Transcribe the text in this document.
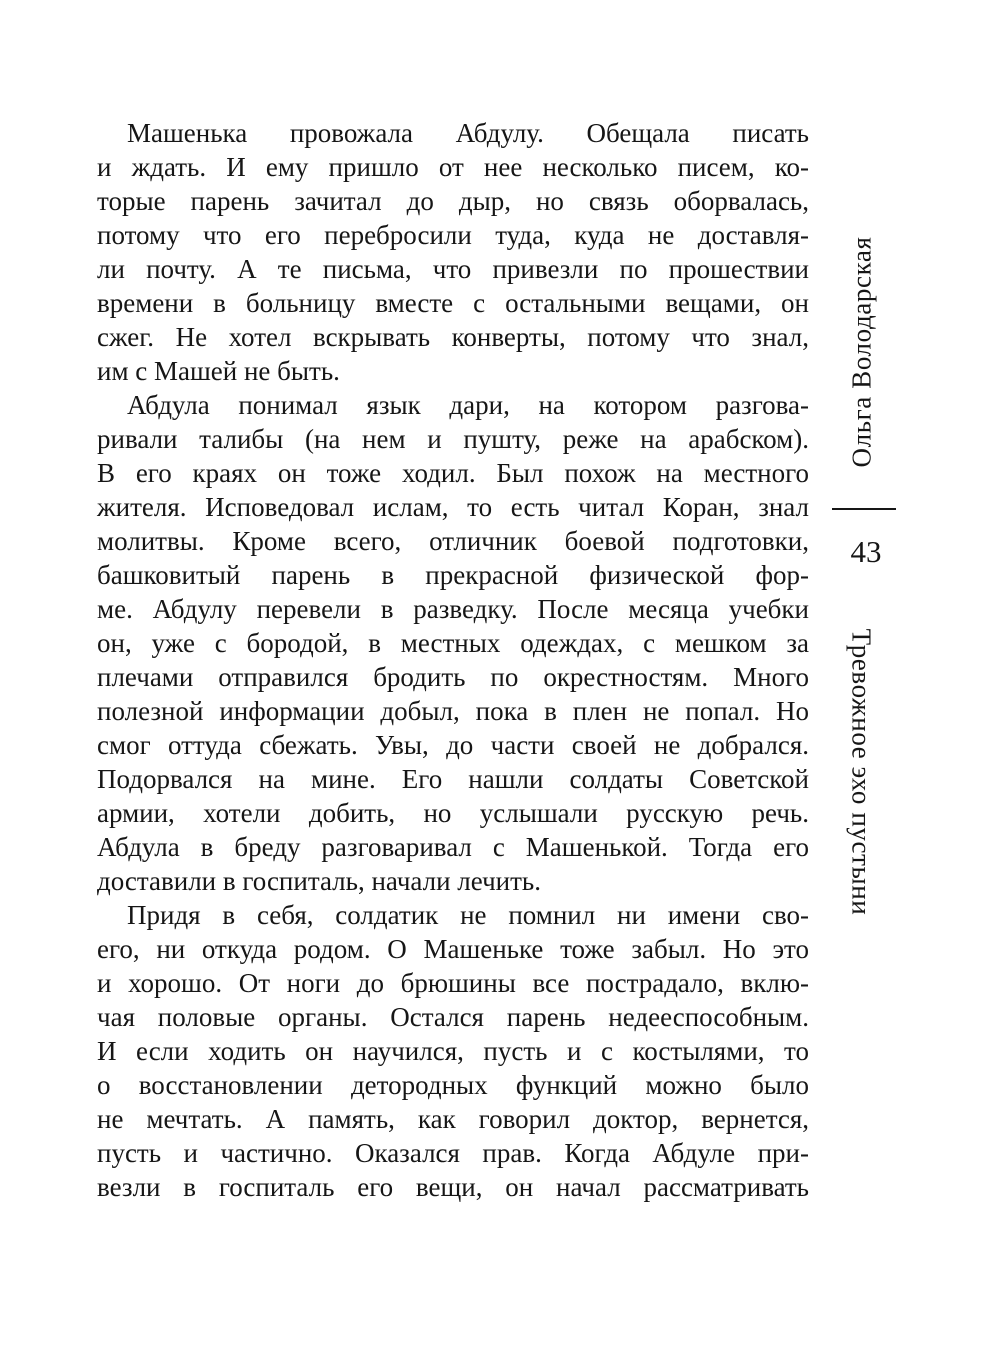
Машенька провожала Абдулу. Обещала писать
и ждать. И ему пришло от нее несколько писем, ко-
торые парень зачитал до дыр, но связь оборвалась,
потому что его перебросили туда, куда не доставля-
ли почту. А те письма, что привезли по прошествии
времени в больницу вместе с остальными вещами, он
сжег. Не хотел вскрывать конверты, потому что знал,
им с Машей не быть.
Абдула понимал язык дари, на котором разгова-
ривали талибы (на нем и пушту, реже на арабском).
В его краях он тоже ходил. Был похож на местного
жителя. Исповедовал ислам, то есть читал Коран, знал
молитвы. Кроме всего, отличник боевой подготовки,
башковитый парень в прекрасной физической фор-
ме. Абдулу перевели в разведку. После месяца учебки
он, уже с бородой, в местных одеждах, с мешком за
плечами отправился бродить по окрестностям. Много
полезной информации добыл, пока в плен не попал. Но
смог оттуда сбежать. Увы, до части своей не добрался.
Подорвался на мине. Его нашли солдаты Советской
армии, хотели добить, но услышали русскую речь.
Абдула в бреду разговаривал с Машенькой. Тогда его
доставили в госпиталь, начали лечить.
Придя в себя, солдатик не помнил ни имени сво-
его, ни откуда родом. О Машеньке тоже забыл. Но это
и хорошо. От ноги до брюшины все пострадало, вклю-
чая половые органы. Остался парень недееспособным.
И если ходить он научился, пусть и с костылями, то
о восстановлении детородных функций можно было
не мечтать. А память, как говорил доктор, вернется,
пусть и частично. Оказался прав. Когда Абдуле при-
везли в госпиталь его вещи, он начал рассматривать
Ольга Володарская
43
Тревожное эхо пустыни
